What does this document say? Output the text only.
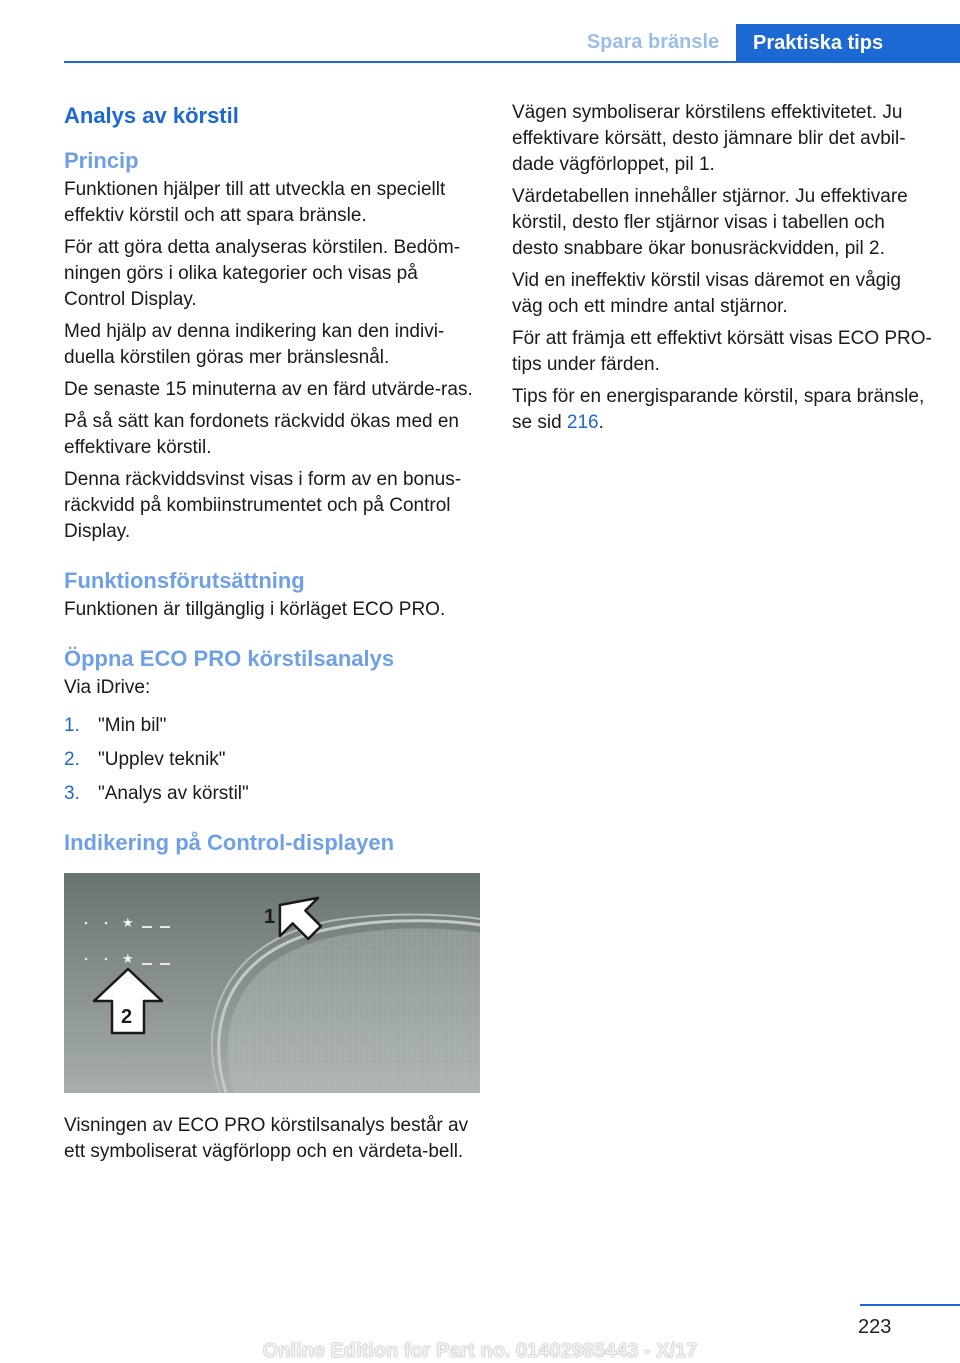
Spara bränsle	Praktiska tips
Analys av körstil
Princip

Funktionen hjälper till att utveckla en speciellt effektiv körstil och att spara bränsle.

För att göra detta analyseras körstilen. Bedöm‐ningen görs i olika kategorier och visas på Control Display.

Med hjälp av denna indikering kan den indivi‐duella körstilen göras mer bränslesnål.

De senaste 15 minuterna av en färd utvärde‐ras.

På så sätt kan fordonets räckvidd ökas med en effektivare körstil.

Denna räckviddsvinst visas i form av en bonus‐räckvidd på kombiinstrumentet och på Control Display.

Funktionsförutsättning

Funktionen är tillgänglig i körläget ECO PRO.

Öppna ECO PRO körstilsanalys

Via iDrive:

1. "Min bil"
2. "Upplev teknik"
3. "Analys av körstil"
Indikering på Control-displayen
★
★
1
2

Visningen av ECO PRO körstilsanalys består av ett symboliserat vägförlopp och en värdeta‐bell.

Vägen symboliserar körstilens effektivitetet. Ju effektivare körsätt, desto jämnare blir det avbil‐dade vägförloppet, pil 1.

Värdetabellen innehåller stjärnor. Ju effektivare körstil, desto fler stjärnor visas i tabellen och desto snabbare ökar bonusräckvidden, pil 2.

Vid en ineffektiv körstil visas däremot en vågig väg och ett mindre antal stjärnor.

För att främja ett effektivt körsätt visas ECO PRO-tips under färden.

Tips för en energisparande körstil, spara bränsle, se sid 216.

223
Online Edition for Part no. 01402985443 - X/17
